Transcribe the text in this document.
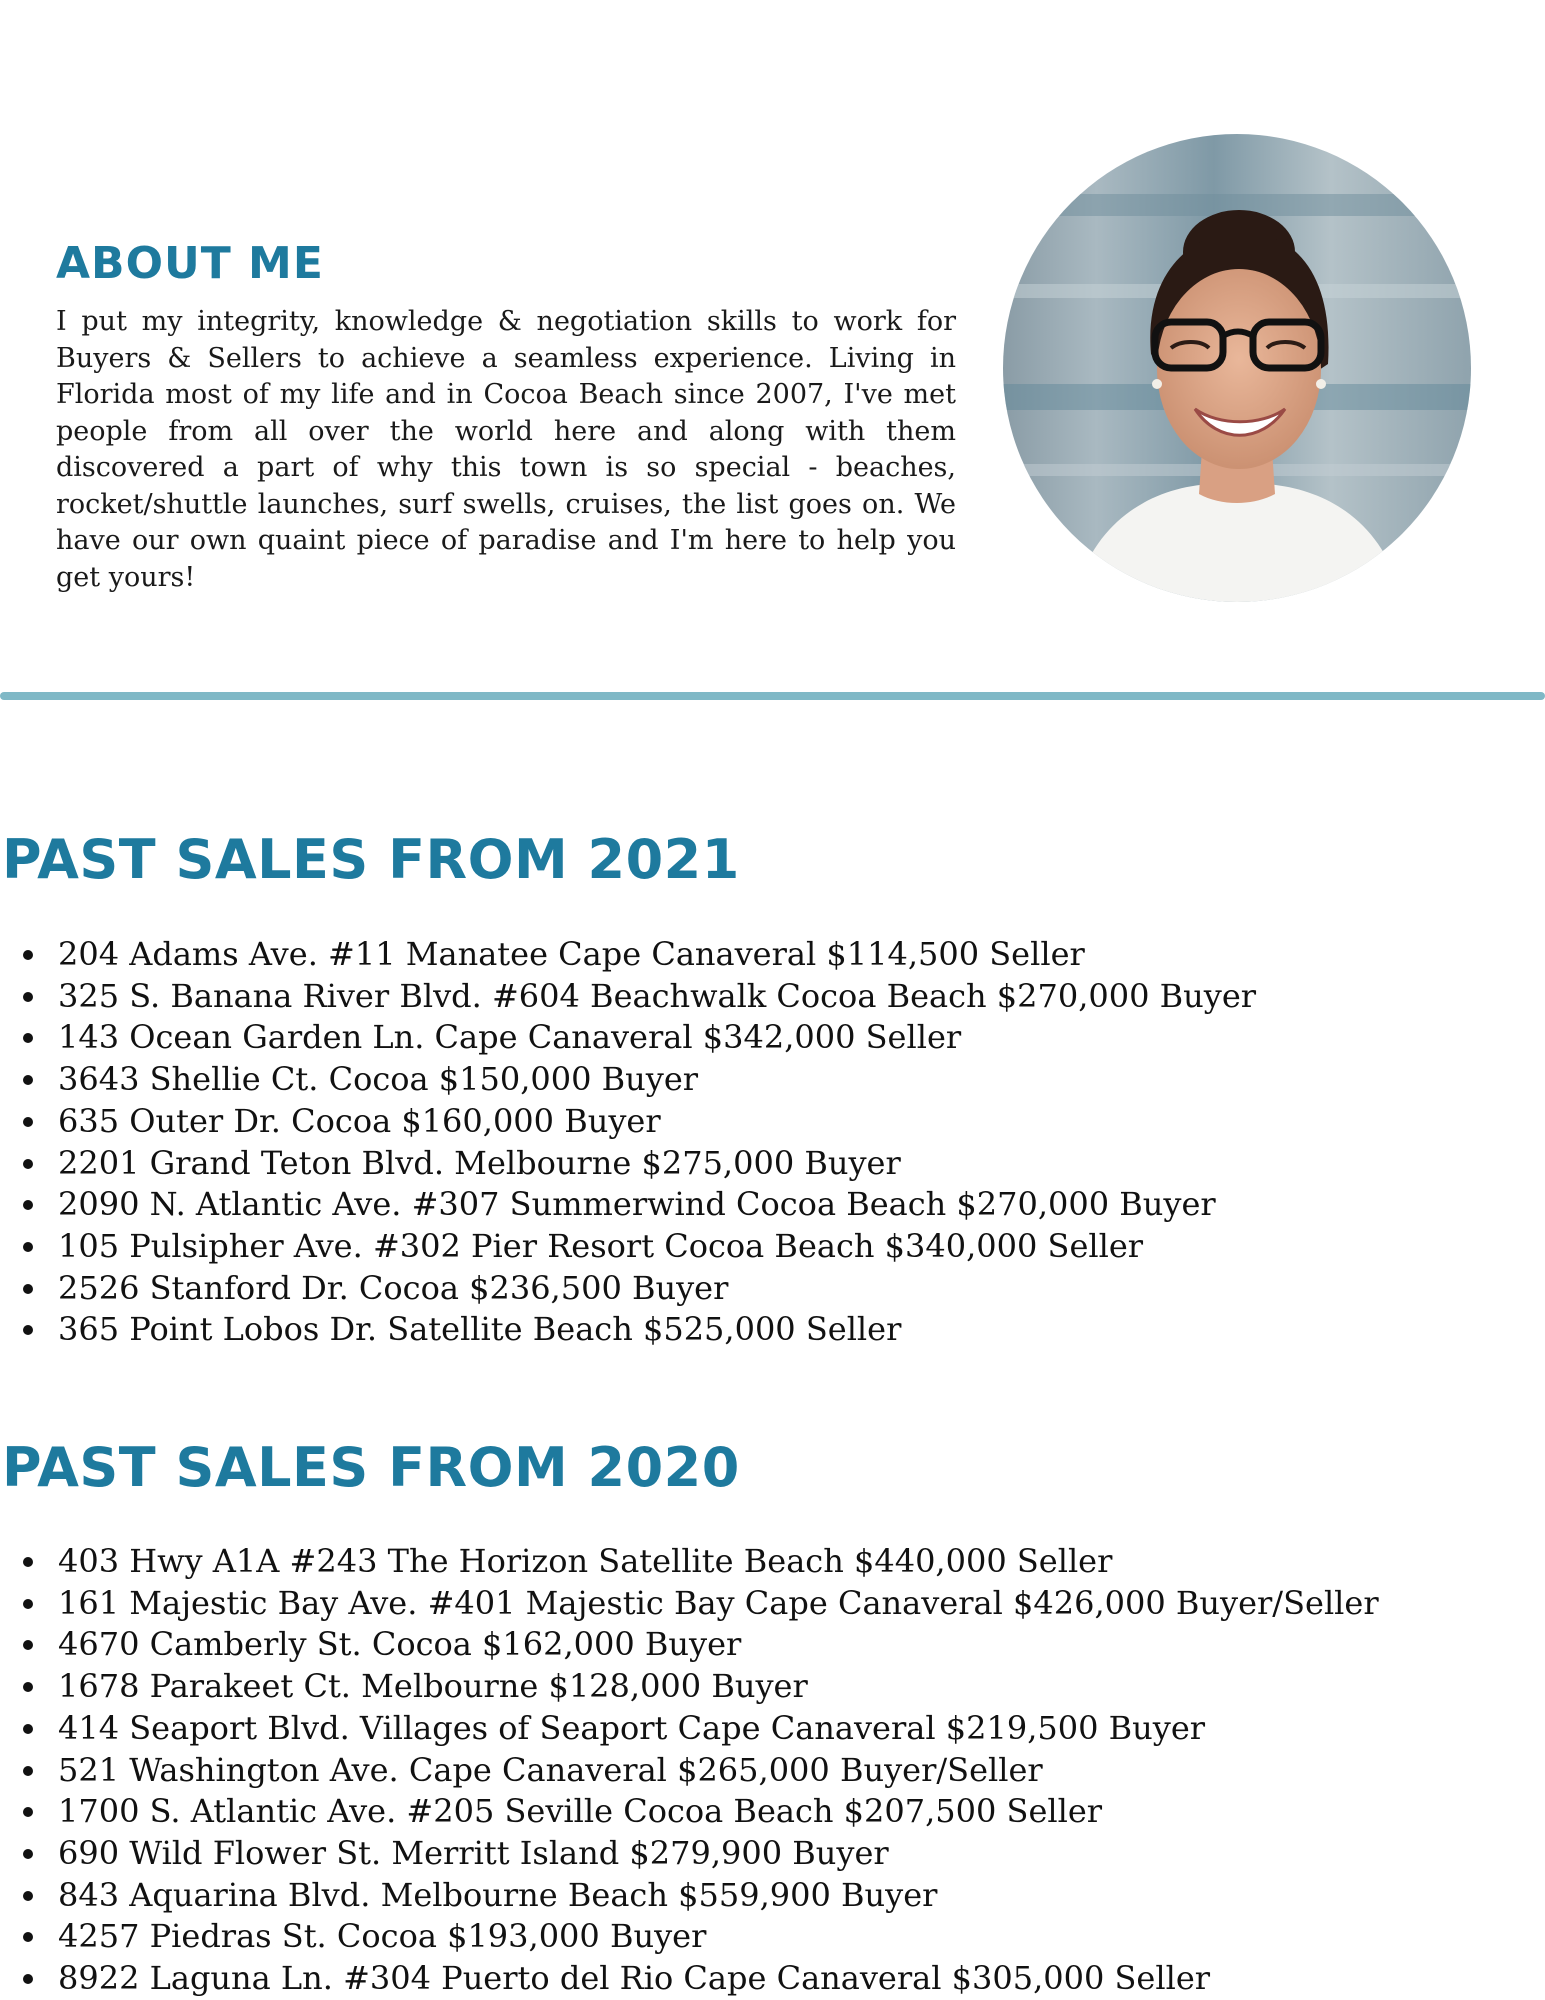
ABOUT ME

I put my integrity, knowledge & negotiation skills to work for Buyers & Sellers to achieve a seamless experience. Living in Florida most of my life and in Cocoa Beach since 2007, I've met people from all over the world here and along with them discovered a part of why this town is so special - beaches, rocket/shuttle launches, surf swells, cruises, the list goes on. We have our own quaint piece of paradise and I'm here to help you get yours!

PAST SALES FROM 2021
204 Adams Ave. #11 Manatee Cape Canaveral $114,500 Seller
325 S. Banana River Blvd. #604 Beachwalk Cocoa Beach $270,000 Buyer
143 Ocean Garden Ln. Cape Canaveral $342,000 Seller
3643 Shellie Ct. Cocoa $150,000 Buyer
635 Outer Dr. Cocoa $160,000 Buyer
2201 Grand Teton Blvd. Melbourne $275,000 Buyer
2090 N. Atlantic Ave. #307 Summerwind Cocoa Beach $270,000 Buyer
105 Pulsipher Ave. #302 Pier Resort Cocoa Beach $340,000 Seller
2526 Stanford Dr. Cocoa $236,500 Buyer
365 Point Lobos Dr. Satellite Beach $525,000 Seller
PAST SALES FROM 2020
403 Hwy A1A #243 The Horizon Satellite Beach $440,000 Seller
161 Majestic Bay Ave. #401 Majestic Bay Cape Canaveral $426,000 Buyer/Seller
4670 Camberly St. Cocoa $162,000 Buyer
1678 Parakeet Ct. Melbourne $128,000 Buyer
414 Seaport Blvd. Villages of Seaport Cape Canaveral $219,500 Buyer
521 Washington Ave. Cape Canaveral $265,000 Buyer/Seller
1700 S. Atlantic Ave. #205 Seville Cocoa Beach $207,500 Seller
690 Wild Flower St. Merritt Island $279,900 Buyer
843 Aquarina Blvd. Melbourne Beach $559,900 Buyer
4257 Piedras St. Cocoa $193,000 Buyer
8922 Laguna Ln. #304 Puerto del Rio Cape Canaveral $305,000 Seller
